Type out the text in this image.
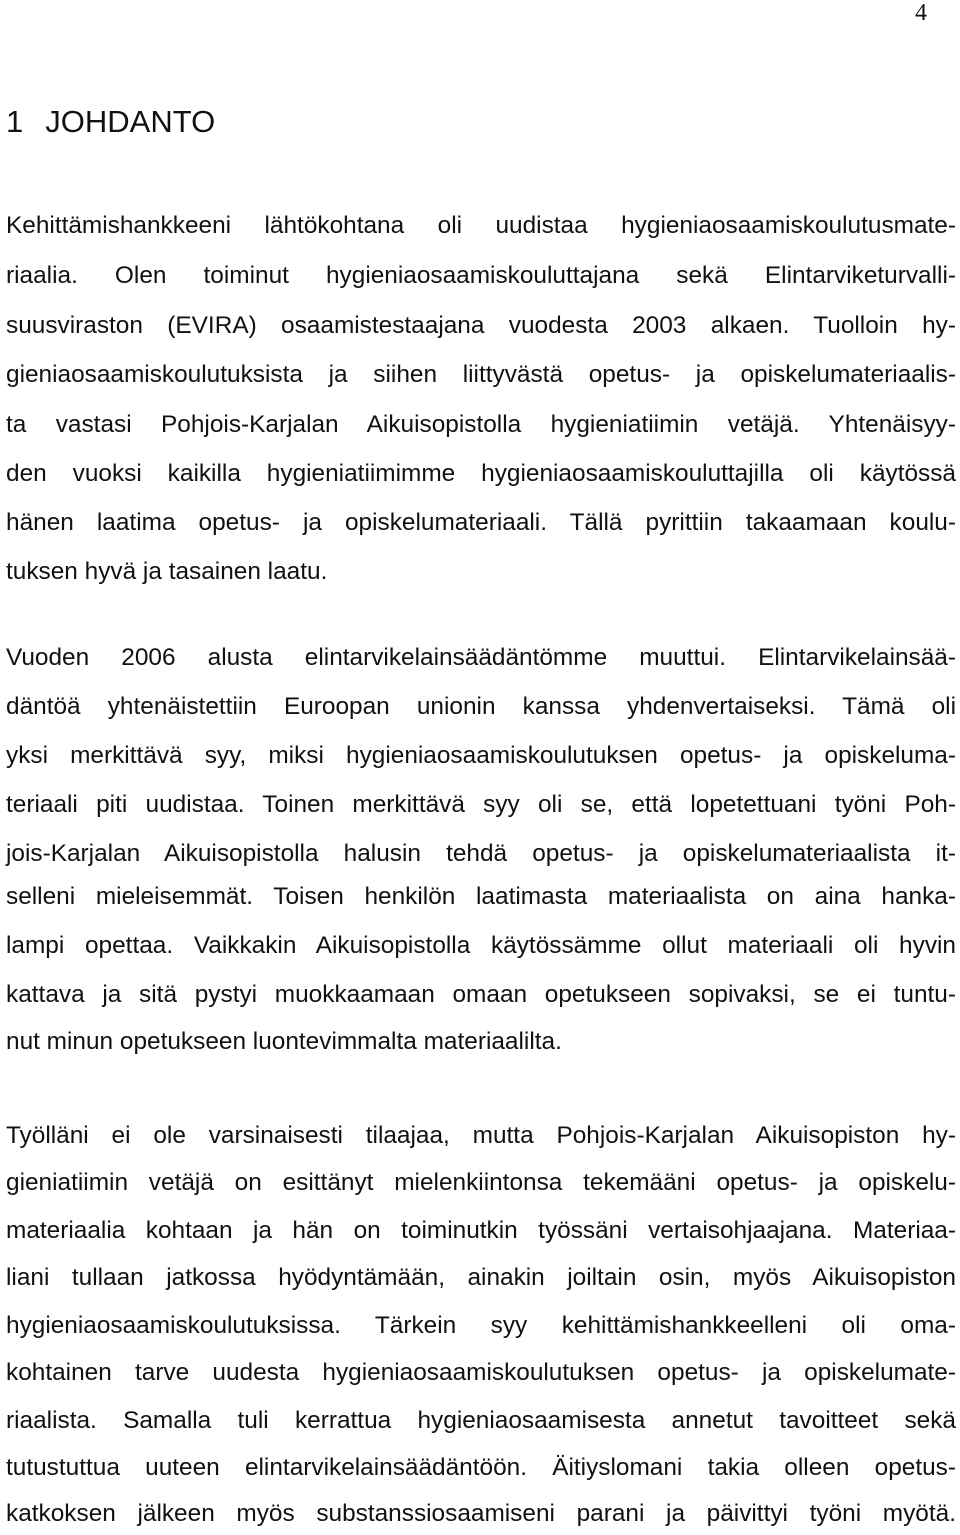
4
1 JOHDANTO
Kehittämishankkeeni lähtökohtana oli uudistaa hygieniaosaamiskoulutusmate-
riaalia. Olen toiminut hygieniaosaamiskouluttajana sekä Elintarviketurvalli-
suusviraston (EVIRA) osaamistestaajana vuodesta 2003 alkaen. Tuolloin hy-
gieniaosaamiskoulutuksista ja siihen liittyvästä opetus- ja opiskelumateriaalis-
ta vastasi Pohjois-Karjalan Aikuisopistolla hygieniatiimin vetäjä. Yhtenäisyy-
den vuoksi kaikilla hygieniatiimimme hygieniaosaamiskouluttajilla oli käytössä
hänen laatima opetus- ja opiskelumateriaali. Tällä pyrittiin takaamaan koulu-
tuksen hyvä ja tasainen laatu.
Vuoden 2006 alusta elintarvikelainsäädäntömme muuttui. Elintarvikelainsää-
däntöä yhtenäistettiin Euroopan unionin kanssa yhdenvertaiseksi. Tämä oli
yksi merkittävä syy, miksi hygieniaosaamiskoulutuksen opetus- ja opiskeluma-
teriaali piti uudistaa. Toinen merkittävä syy oli se, että lopetettuani työni Poh-
jois-Karjalan Aikuisopistolla halusin tehdä opetus- ja opiskelumateriaalista it-
selleni mieleisemmät. Toisen henkilön laatimasta materiaalista on aina hanka-
lampi opettaa. Vaikkakin Aikuisopistolla käytössämme ollut materiaali oli hyvin
kattava ja sitä pystyi muokkaamaan omaan opetukseen sopivaksi, se ei tuntu-
nut minun opetukseen luontevimmalta materiaalilta.
Työlläni ei ole varsinaisesti tilaajaa, mutta Pohjois-Karjalan Aikuisopiston hy-
gieniatiimin vetäjä on esittänyt mielenkiintonsa tekemääni opetus- ja opiskelu-
materiaalia kohtaan ja hän on toiminutkin työssäni vertaisohjaajana. Materiaa-
liani tullaan jatkossa hyödyntämään, ainakin joiltain osin, myös Aikuisopiston
hygieniaosaamiskoulutuksissa. Tärkein syy kehittämishankkeelleni oli oma-
kohtainen tarve uudesta hygieniaosaamiskoulutuksen opetus- ja opiskelumate-
riaalista. Samalla tuli kerrattua hygieniaosaamisesta annetut tavoitteet sekä
tutustuttua uuteen elintarvikelainsäädäntöön. Äitiyslomani takia olleen opetus-
katkoksen jälkeen myös substanssiosaamiseni parani ja päivittyi työni myötä.
